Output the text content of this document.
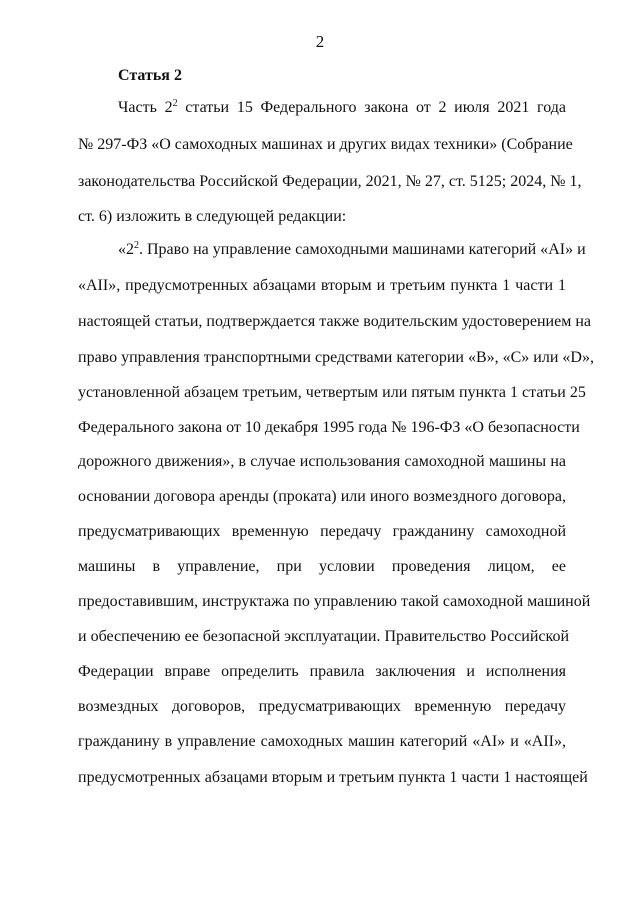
2
Статья 2
Часть $2^2$ статьи 15 Федерального закона от 2 июля 2021 года
№ 297-ФЗ «О самоходных машинах и других видах техники» (Собрание
законодательства Российской Федерации, 2021, № 27, ст. 5125; 2024, № 1,
ст. 6) изложить в следующей редакции:
«$2^2$. Право на управление самоходными машинами категорий «AI» и
«AII», предусмотренных абзацами вторым и третьим пункта 1 части 1
настоящей статьи, подтверждается также водительским удостоверением на
право управления транспортными средствами категории «B», «C» или «D»,
установленной абзацем третьим, четвертым или пятым пункта 1 статьи 25
Федерального закона от 10 декабря 1995 года № 196-ФЗ «О безопасности
дорожного движения», в случае использования самоходной машины на
основании договора аренды (проката) или иного возмездного договора,
предусматривающих временную передачу гражданину самоходной
машины в управление, при условии проведения лицом, ее
предоставившим, инструктажа по управлению такой самоходной машиной
и обеспечению ее безопасной эксплуатации. Правительство Российской
Федерации вправе определить правила заключения и исполнения
возмездных договоров, предусматривающих временную передачу
гражданину в управление самоходных машин категорий «AI» и «AII»,
предусмотренных абзацами вторым и третьим пункта 1 части 1 настоящей
